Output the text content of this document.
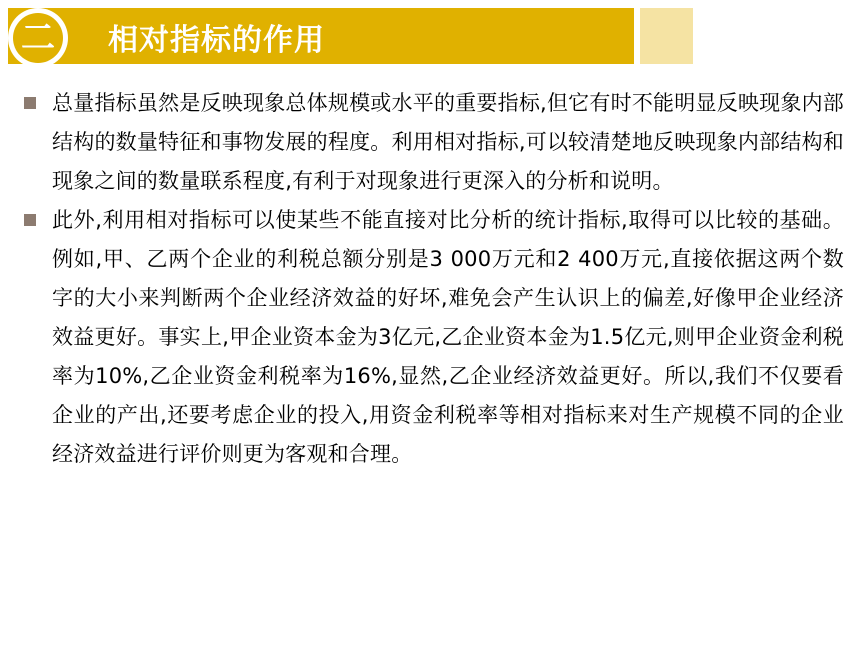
二 相对指标的作用
总量指标虽然是反映现象总体规模或水平的重要指标,但它有时不能明显反映现象内部结构的数量特征和事物发展的程度。利用相对指标,可以较清楚地反映现象内部结构和现象之间的数量联系程度,有利于对现象进行更深入的分析和说明。
此外,利用相对指标可以使某些不能直接对比分析的统计指标,取得可以比较的基础。例如,甲、乙两个企业的利税总额分别是3 000万元和2 400万元,直接依据这两个数字的大小来判断两个企业经济效益的好坏,难免会产生认识上的偏差,好像甲企业经济效益更好。事实上,甲企业资本金为3亿元,乙企业资本金为1.5亿元,则甲企业资金利税率为10%,乙企业资金利税率为16%,显然,乙企业经济效益更好。所以,我们不仅要看企业的产出,还要考虑企业的投入,用资金利税率等相对指标来对生产规模不同的企业经济效益进行评价则更为客观和合理。
